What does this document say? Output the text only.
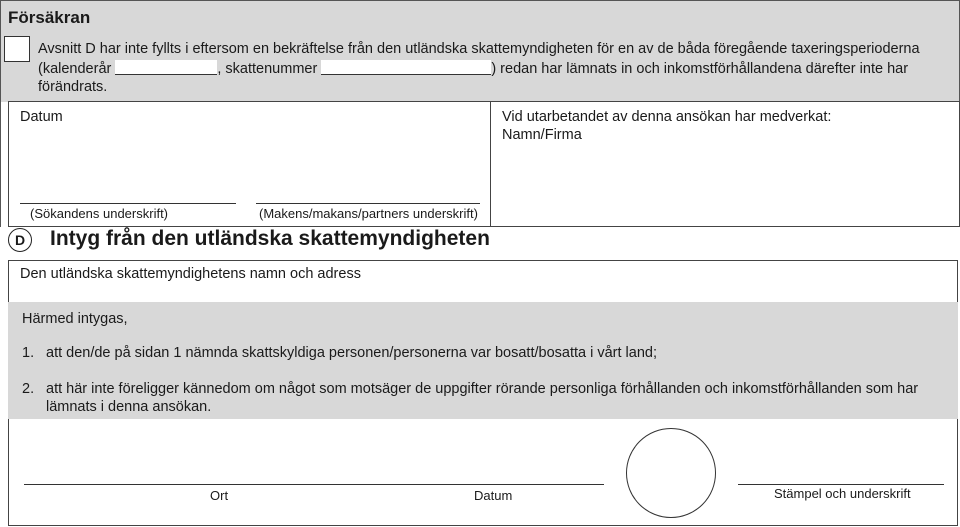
Försäkran
Avsnitt D har inte fyllts i eftersom en bekräftelse från den utländska skattemyndigheten för en av de båda föregående taxeringsperioderna
(kalenderår	, skattenummer	) redan har lämnats in och inkomstförhållandena därefter inte har
förändrats.
Datum
(Sökandens underskrift)	(Makens/makans/partners underskrift)
Vid utarbetandet av denna ansökan har medverkat:
Namn/Firma
D	Intyg från den utländska skattemyndigheten
Den utländska skattemyndighetens namn och adress
Härmed intygas,
1. att den/de på sidan 1 nämnda skattskyldiga personen/personerna var bosatt/bosatta i vårt land;
2. att här inte föreligger kännedom om något som motsäger de uppgifter rörande personliga förhållanden och inkomstförhållanden som har
lämnats i denna ansökan.
Ort	Datum	Stämpel och underskrift
